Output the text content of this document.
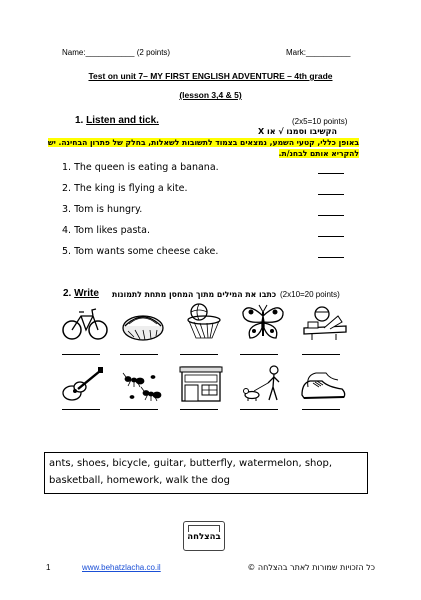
Name:___________ (2 points)	Mark:__________
Test on unit 7– MY FIRST ENGLISH ADVENTURE – 4th grade
(lesson 3,4 & 5)
1. Listen and tick.	(2x5=10 points)
הקשיבו וסמנו √ או X
באופן כללי, קטעי השמע, נמצאים בצמוד לתשובות לשאלות, בחלק של פתרון הבחינה. יש
להקריא אותם לבחנ/ת.
1. The queen is eating a banana.
2. The king is flying a kite.
3. Tom is hungry.
4. Tom likes pasta.
5. Tom wants some cheese cake.
2. Write כתבו את המילים מתוך המחסן מתחת לתמונות (2x10=20 points)
ants, shoes, bicycle, guitar, butterfly, watermelon, shop, basketball, homework, walk the dog
בהצלחה
1	www.behatzlacha.co.il	כל הזכויות שמורות לאתר בהצלחה ©
